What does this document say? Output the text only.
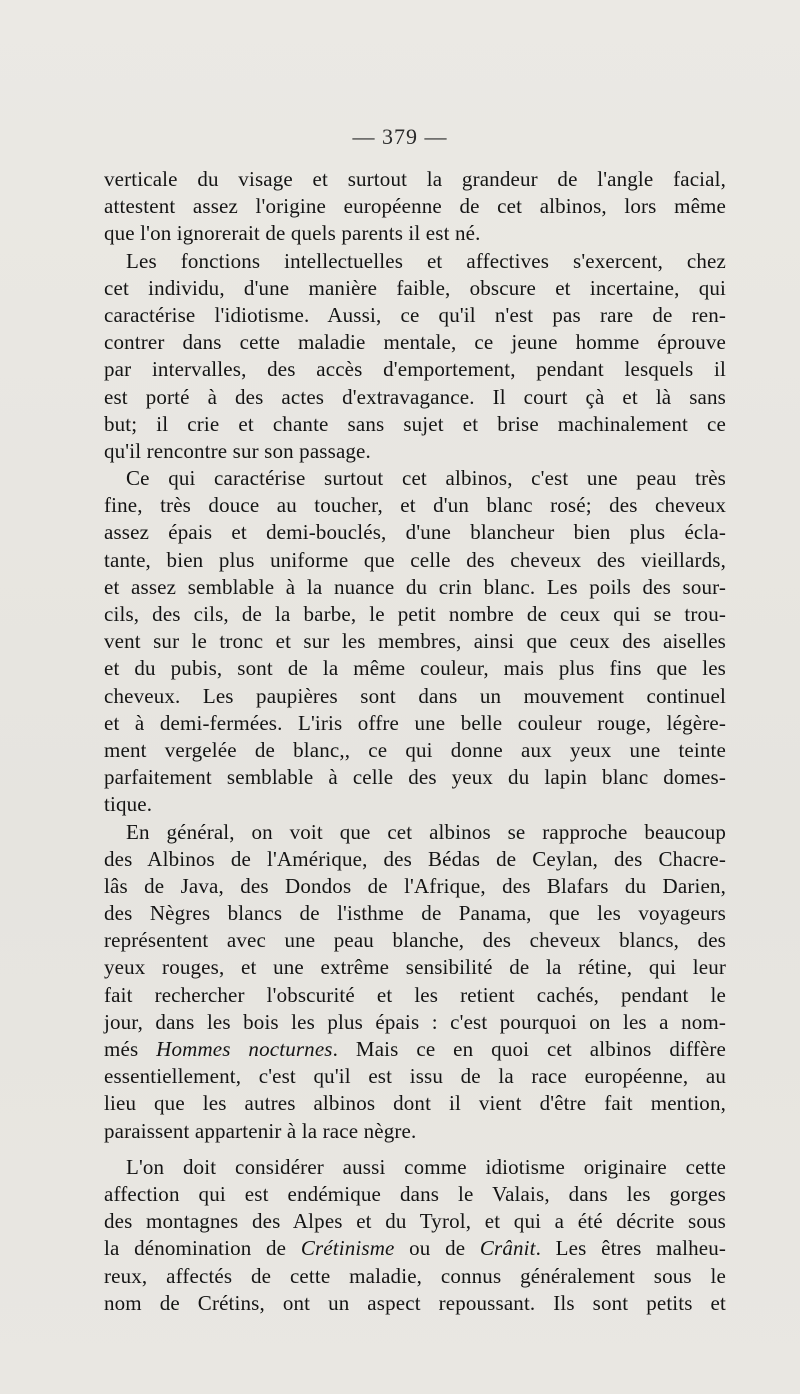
— 379 —
verticale du visage et surtout la grandeur de l'angle facial,
attestent assez l'origine européenne de cet albinos, lors même
que l'on ignorerait de quels parents il est né.
Les fonctions intellectuelles et affectives s'exercent, chez
cet individu, d'une manière faible, obscure et incertaine, qui
caractérise l'idiotisme. Aussi, ce qu'il n'est pas rare de ren-
contrer dans cette maladie mentale, ce jeune homme éprouve
par intervalles, des accès d'emportement, pendant lesquels il
est porté à des actes d'extravagance. Il court çà et là sans
but; il crie et chante sans sujet et brise machinalement ce
qu'il rencontre sur son passage.
Ce qui caractérise surtout cet albinos, c'est une peau très
fine, très douce au toucher, et d'un blanc rosé; des cheveux
assez épais et demi-bouclés, d'une blancheur bien plus écla-
tante, bien plus uniforme que celle des cheveux des vieillards,
et assez semblable à la nuance du crin blanc. Les poils des sour-
cils, des cils, de la barbe, le petit nombre de ceux qui se trou-
vent sur le tronc et sur les membres, ainsi que ceux des aiselles
et du pubis, sont de la même couleur, mais plus fins que les
cheveux. Les paupières sont dans un mouvement continuel
et à demi-fermées. L'iris offre une belle couleur rouge, légère-
ment vergelée de blanc,, ce qui donne aux yeux une teinte
parfaitement semblable à celle des yeux du lapin blanc domes-
tique.
En général, on voit que cet albinos se rapproche beaucoup
des Albinos de l'Amérique, des Bédas de Ceylan, des Chacre-
lâs de Java, des Dondos de l'Afrique, des Blafars du Darien,
des Nègres blancs de l'isthme de Panama, que les voyageurs
représentent avec une peau blanche, des cheveux blancs, des
yeux rouges, et une extrême sensibilité de la rétine, qui leur
fait rechercher l'obscurité et les retient cachés, pendant le
jour, dans les bois les plus épais : c'est pourquoi on les a nom-
més Hommes nocturnes. Mais ce en quoi cet albinos diffère
essentiellement, c'est qu'il est issu de la race européenne, au
lieu que les autres albinos dont il vient d'être fait mention,
paraissent appartenir à la race nègre.
L'on doit considérer aussi comme idiotisme originaire cette
affection qui est endémique dans le Valais, dans les gorges
des montagnes des Alpes et du Tyrol, et qui a été décrite sous
la dénomination de Crétinisme ou de Crânit. Les êtres malheu-
reux, affectés de cette maladie, connus généralement sous le
nom de Crétins, ont un aspect repoussant. Ils sont petits et
